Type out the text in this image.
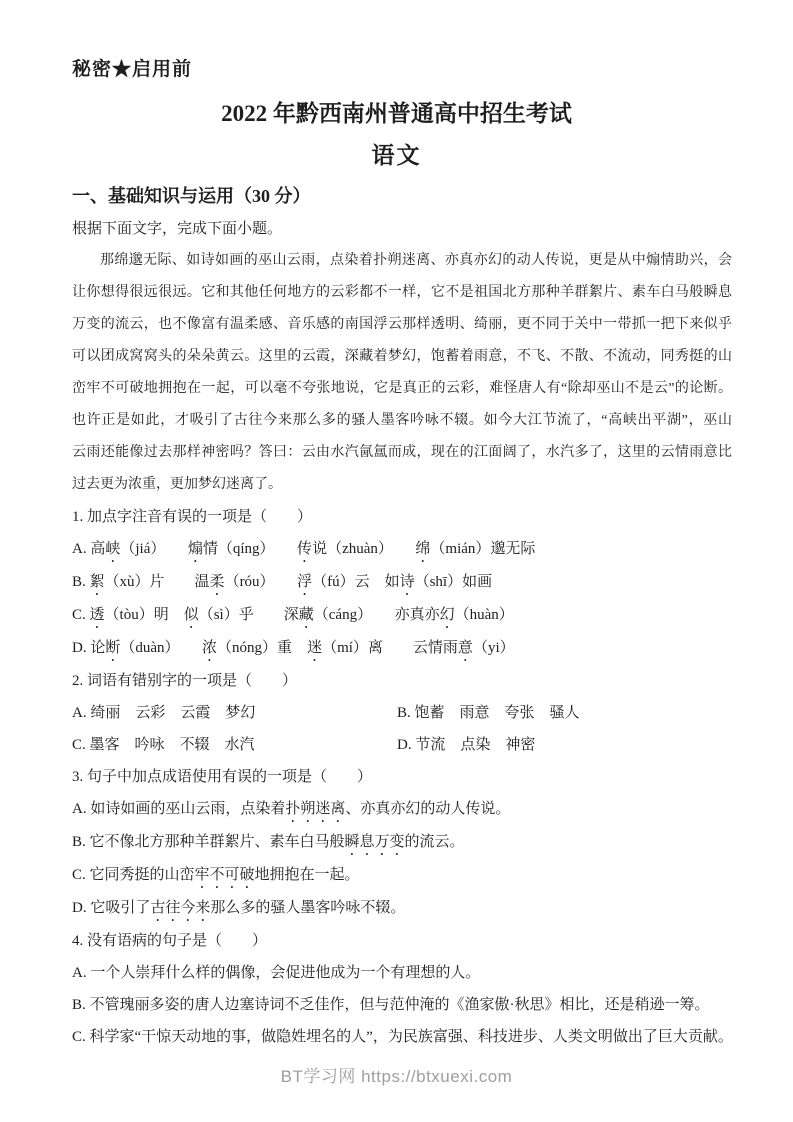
秘密★启用前
2022 年黔西南州普通高中招生考试
语文
一、基础知识与运用（30 分）
根据下面文字，完成下面小题。
那绵邈无际、如诗如画的巫山云雨，点染着扑朔迷离、亦真亦幻的动人传说，更是从中煽情助兴，会
让你想得很远很远。它和其他任何地方的云彩都不一样，它不是祖国北方那种羊群絮片、素车白马般瞬息
万变的流云，也不像富有温柔感、音乐感的南国浮云那样透明、绮丽，更不同于关中一带抓一把下来似乎
可以团成窝窝头的朵朵黄云。这里的云霞，深藏着梦幻，饱蓄着雨意，不飞、不散、不流动，同秀挺的山
峦牢不可破地拥抱在一起，可以毫不夸张地说，它是真正的云彩，难怪唐人有“除却巫山不是云”的论断。
也许正是如此，才吸引了古往今来那么多的骚人墨客吟咏不辍。如今大江节流了，“高峡出平湖”，巫山
云雨还能像过去那样神密吗？答曰：云由水汽氤氲而成，现在的江面阔了，水汽多了，这里的云情雨意比
过去更为浓重，更加梦幻迷离了。
1. 加点字注音有误的一项是（　　）
A. 高峡（jiá）　　煽情（qíng）　　传说（zhuàn）　　绵（mián）邈无际
B. 絮（xù）片　　温柔（róu）　　浮（fú）云　如诗（shī）如画
C. 透（tòu）明　似（sì）乎　　深藏（cáng）　　亦真亦幻（huàn）
D. 论断（duàn）　　浓（nóng）重　迷（mí）离　　云情雨意（yi）
2. 词语有错别字的一项是（　　）
A. 绮丽　云彩　云霞　梦幻	B. 饱蓄　雨意　夸张　骚人
C. 墨客　吟咏　不辍　水汽	D. 节流　点染　神密
3. 句子中加点成语使用有误的一项是（　　）
A. 如诗如画的巫山云雨，点染着扑朔迷离、亦真亦幻的动人传说。
B. 它不像北方那种羊群絮片、素车白马般瞬息万变的流云。
C. 它同秀挺的山峦牢不可破地拥抱在一起。
D. 它吸引了古往今来那么多的骚人墨客吟咏不辍。
4. 没有语病的句子是（　　）
A. 一个人崇拜什么样的偶像，会促进他成为一个有理想的人。
B. 不管瑰丽多姿的唐人边塞诗词不乏佳作，但与范仲淹的《渔家傲·秋思》相比，还是稍逊一筹。
C. 科学家“干惊天动地的事，做隐姓埋名的人”，为民族富强、科技进步、人类文明做出了巨大贡献。
BT学习网 https://btxuexi.com
